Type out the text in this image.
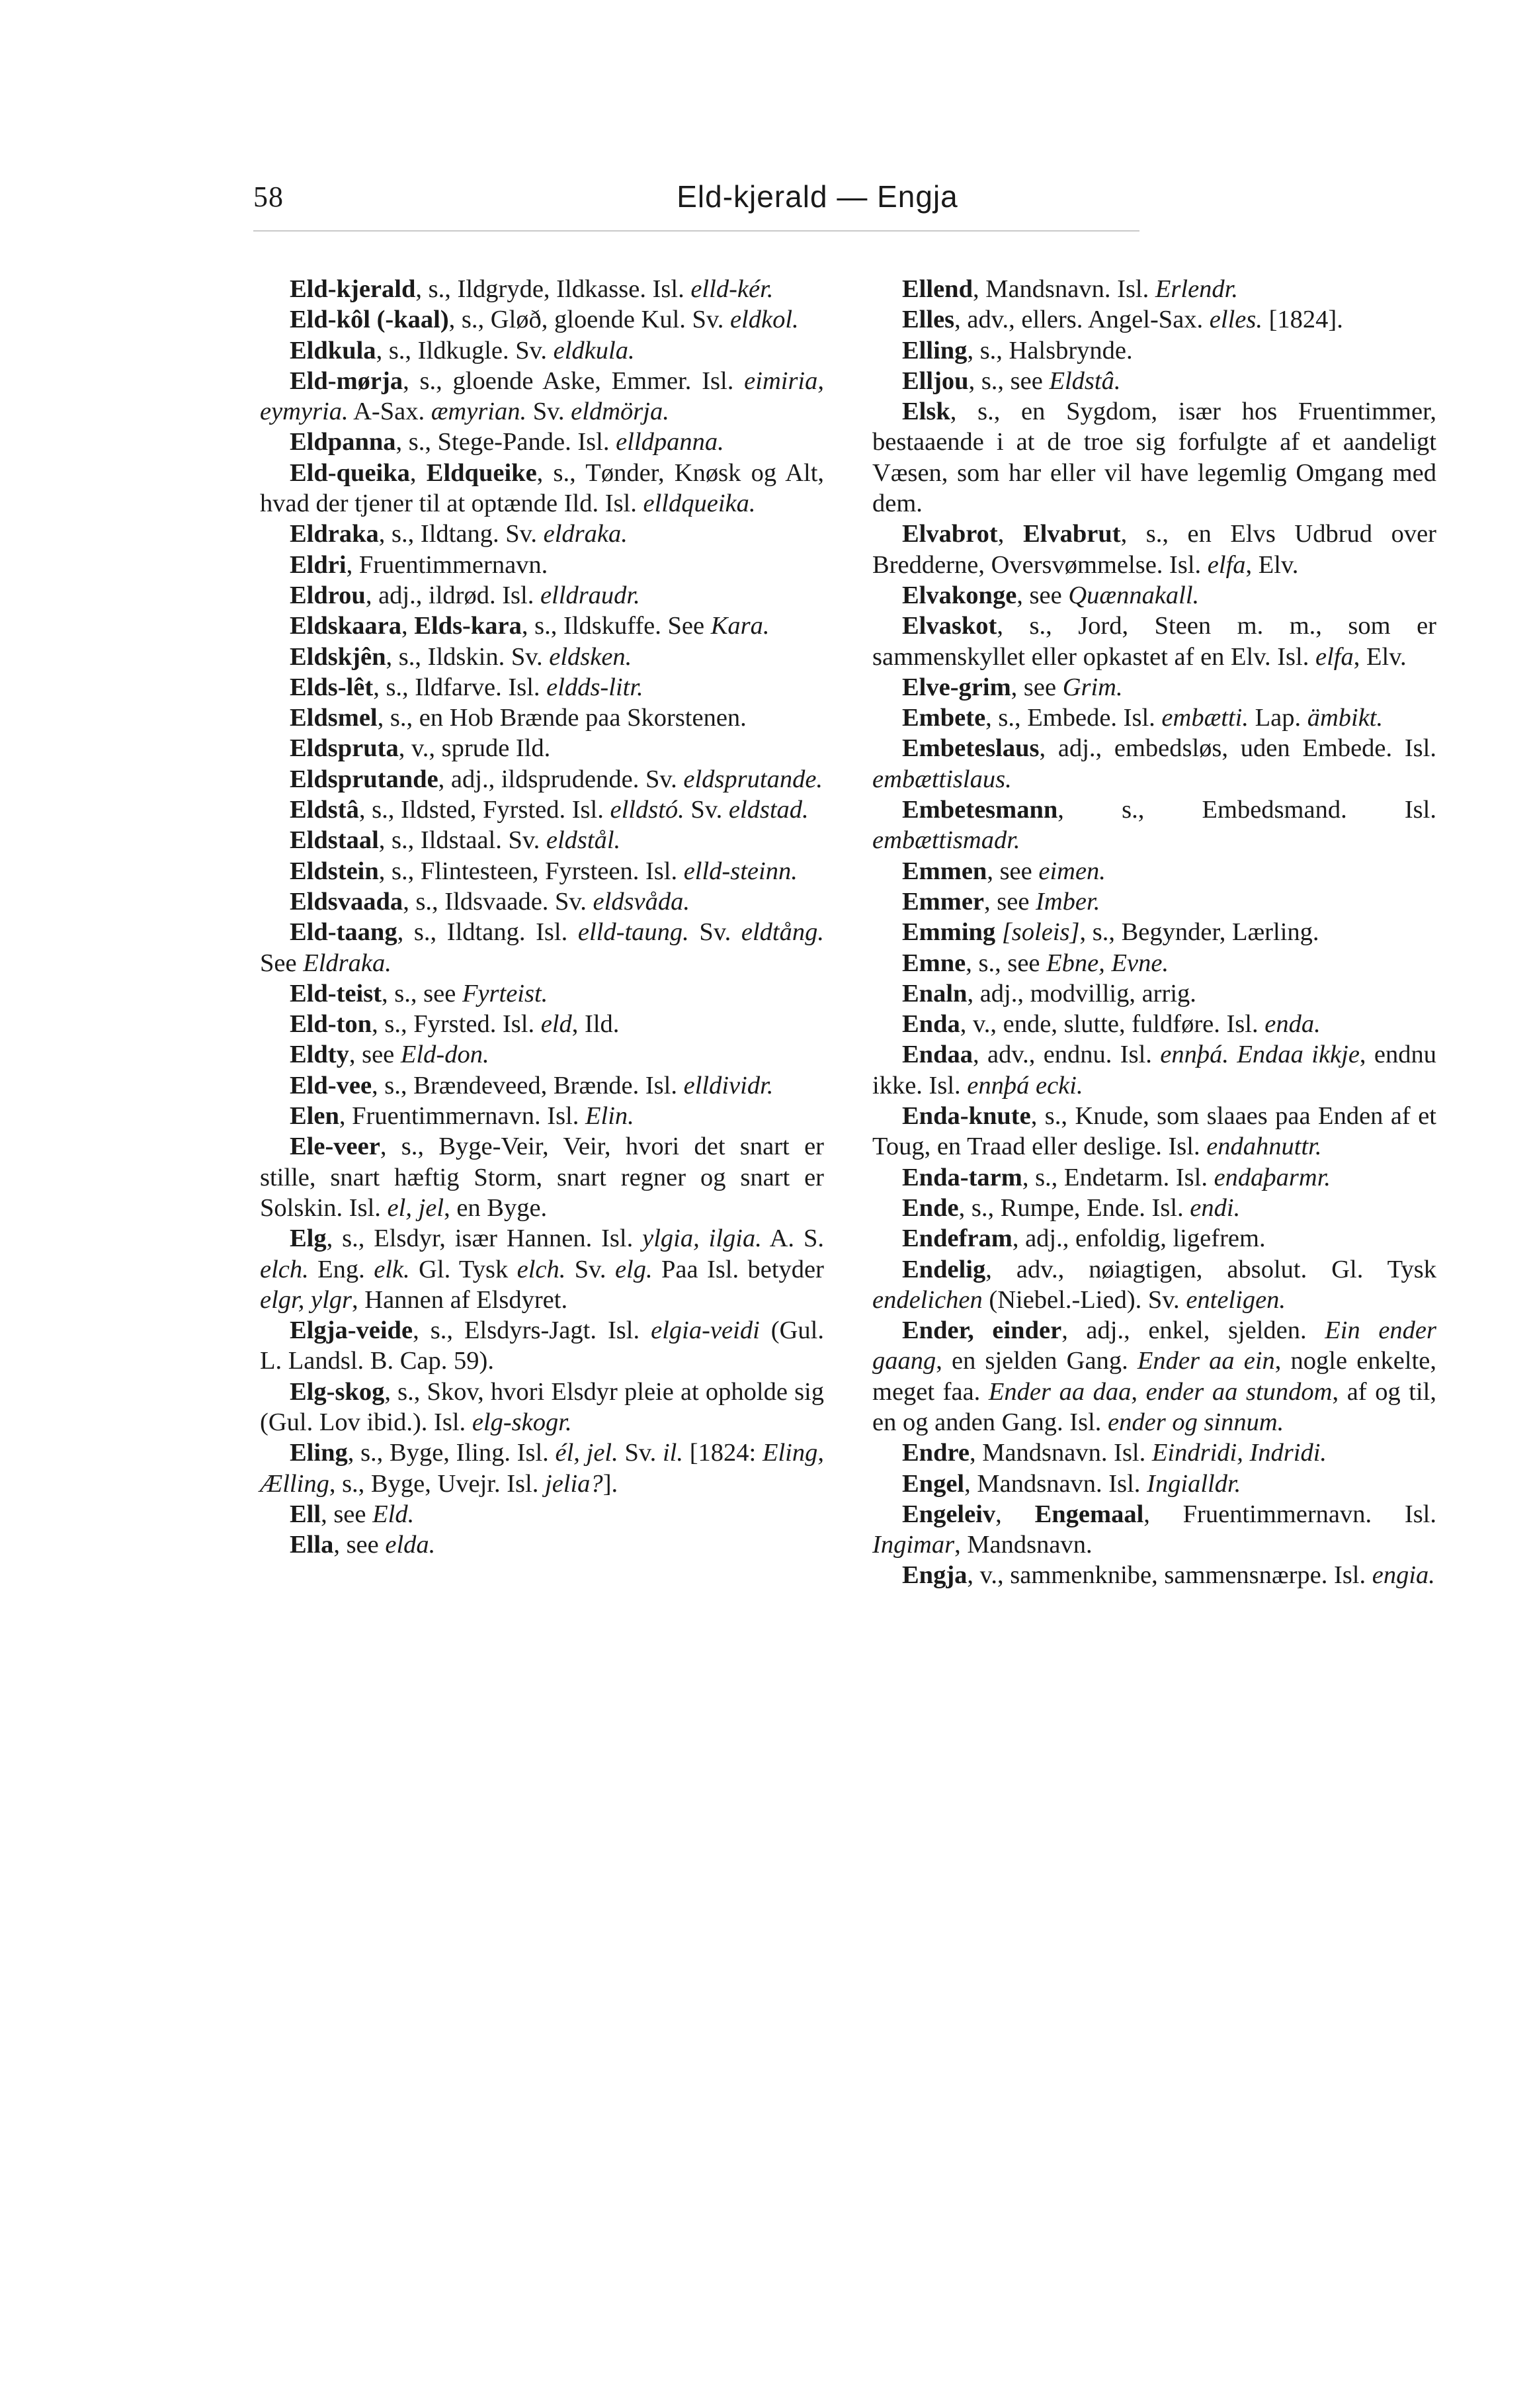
58	Eld-kjerald — Engja

Eld-kjerald, s., Ildgryde, Ildkasse. Isl. elld-kér.

Eld-kôl (-kaal), s., Gløð, gloende Kul. Sv. eldkol.

Eldkula, s., Ildkugle. Sv. eldkula.

Eld-mørja, s., gloende Aske, Emmer. Isl. eimiria, eymyria. A-Sax. æmyrian. Sv. eldmörja.

Eldpanna, s., Stege-Pande. Isl. elldpanna.

Eld-queika, Eldqueike, s., Tønder, Knøsk og Alt, hvad der tjener til at optænde Ild. Isl. elldqueika.

Eldraka, s., Ildtang. Sv. eldraka.

Eldri, Fruentimmernavn.

Eldrou, adj., ildrød. Isl. elldraudr.

Eldskaara, Elds-kara, s., Ildskuffe. See Kara.

Eldskjên, s., Ildskin. Sv. eldsken.

Elds-lêt, s., Ildfarve. Isl. eldds-litr.

Eldsmel, s., en Hob Brænde paa Skorstenen.

Eldspruta, v., sprude Ild.

Eldsprutande, adj., ildsprudende. Sv. eldsprutande.

Eldstâ, s., Ildsted, Fyrsted. Isl. elldstó. Sv. eldstad.

Eldstaal, s., Ildstaal. Sv. eldstål.

Eldstein, s., Flintesteen, Fyrsteen. Isl. elld-steinn.

Eldsvaada, s., Ildsvaade. Sv. eldsvåda.

Eld-taang, s., Ildtang. Isl. elld-taung. Sv. eldtång. See Eldraka.

Eld-teist, s., see Fyrteist.

Eld-ton, s., Fyrsted. Isl. eld, Ild.

Eldty, see Eld-don.

Eld-vee, s., Brændeveed, Brænde. Isl. elldividr.

Elen, Fruentimmernavn. Isl. Elin.

Ele-veer, s., Byge-Veir, Veir, hvori det snart er stille, snart hæftig Storm, snart regner og snart er Solskin. Isl. el, jel, en Byge.

Elg, s., Elsdyr, især Hannen. Isl. ylgia, ilgia. A. S. elch. Eng. elk. Gl. Tysk elch. Sv. elg. Paa Isl. betyder elgr, ylgr, Hannen af Elsdyret.

Elgja-veide, s., Elsdyrs-Jagt. Isl. elgia-veidi (Gul. L. Landsl. B. Cap. 59).

Elg-skog, s., Skov, hvori Elsdyr pleie at opholde sig (Gul. Lov ibid.). Isl. elg-skogr.

Eling, s., Byge, Iling. Isl. él, jel. Sv. il. [1824: Eling, Ælling, s., Byge, Uvejr. Isl. jelia?].

Ell, see Eld.

Ella, see elda.

Ellend, Mandsnavn. Isl. Erlendr.

Elles, adv., ellers. Angel-Sax. elles. [1824].

Elling, s., Halsbrynde.

Elljou, s., see Eldstâ.

Elsk, s., en Sygdom, især hos Fruentimmer, bestaaende i at de troe sig forfulgte af et aandeligt Væsen, som har eller vil have legemlig Omgang med dem.

Elvabrot, Elvabrut, s., en Elvs Udbrud over Bredderne, Oversvømmelse. Isl. elfa, Elv.

Elvakonge, see Quænnakall.

Elvaskot, s., Jord, Steen m. m., som er sammenskyllet eller opkastet af en Elv. Isl. elfa, Elv.

Elve-grim, see Grim.

Embete, s., Embede. Isl. embætti. Lap. ämbikt.

Embeteslaus, adj., embedsløs, uden Embede. Isl. embættislaus.

Embetesmann, s., Embedsmand. Isl. embættismadr.

Emmen, see eimen.

Emmer, see Imber.

Emming [soleis], s., Begynder, Lærling.

Emne, s., see Ebne, Evne.

Enaln, adj., modvillig, arrig.

Enda, v., ende, slutte, fuldføre. Isl. enda.

Endaa, adv., endnu. Isl. ennþá. Endaa ikkje, endnu ikke. Isl. ennþá ecki.

Enda-knute, s., Knude, som slaaes paa Enden af et Toug, en Traad eller deslige. Isl. endahnuttr.

Enda-tarm, s., Endetarm. Isl. endaþarmr.

Ende, s., Rumpe, Ende. Isl. endi.

Endefram, adj., enfoldig, ligefrem.

Endelig, adv., nøiagtigen, absolut. Gl. Tysk endelichen (Niebel.-Lied). Sv. enteligen.

Ender, einder, adj., enkel, sjelden. Ein ender gaang, en sjelden Gang. Ender aa ein, nogle enkelte, meget faa. Ender aa daa, ender aa stundom, af og til, en og anden Gang. Isl. ender og sinnum.

Endre, Mandsnavn. Isl. Eindridi, Indridi.

Engel, Mandsnavn. Isl. Ingialldr.

Engeleiv, Engemaal, Fruentimmernavn. Isl. Ingimar, Mandsnavn.

Engja, v., sammenknibe, sammensnærpe. Isl. engia.
